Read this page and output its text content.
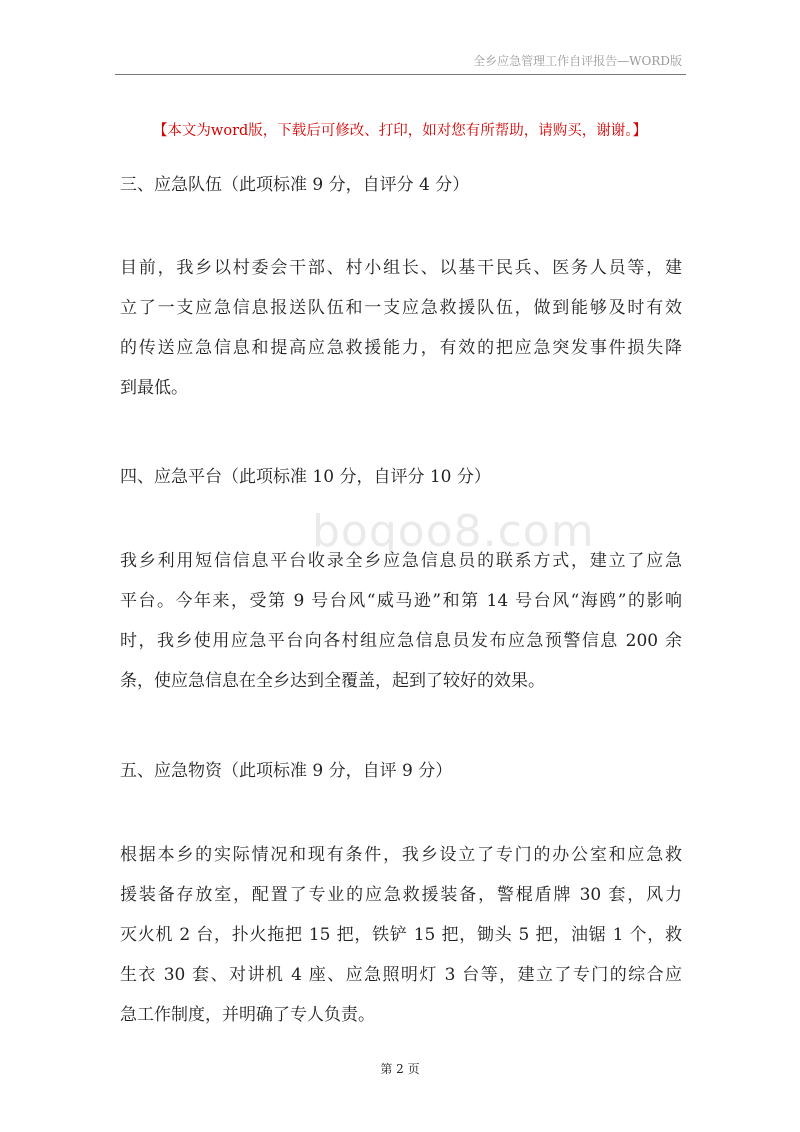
全乡应急管理工作自评报告—WORD版
【本文为word版，下载后可修改、打印，如对您有所帮助，请购买，谢谢。】
boqoo8.com
三、应急队伍（此项标准 9 分，自评分 4 分）
目前，我乡以村委会干部、村小组长、以基干民兵、医务人员等，建
立了一支应急信息报送队伍和一支应急救援队伍，做到能够及时有效
的传送应急信息和提高应急救援能力，有效的把应急突发事件损失降
到最低。
四、应急平台（此项标准 10 分，自评分 10 分）
我乡利用短信信息平台收录全乡应急信息员的联系方式，建立了应急
平台。今年来，受第 9 号台风“威马逊”和第 14 号台风“海鸥”的影响
时，我乡使用应急平台向各村组应急信息员发布应急预警信息 200 余
条，使应急信息在全乡达到全覆盖，起到了较好的效果。
五、应急物资（此项标准 9 分，自评 9 分）
根据本乡的实际情况和现有条件，我乡设立了专门的办公室和应急救
援装备存放室，配置了专业的应急救援装备，警棍盾牌 30 套，风力
灭火机 2 台，扑火拖把 15 把，铁铲 15 把，锄头 5 把，油锯 1 个，救
生衣 30 套、对讲机 4 座、应急照明灯 3 台等，建立了专门的综合应
急工作制度，并明确了专人负责。
第 2 页
